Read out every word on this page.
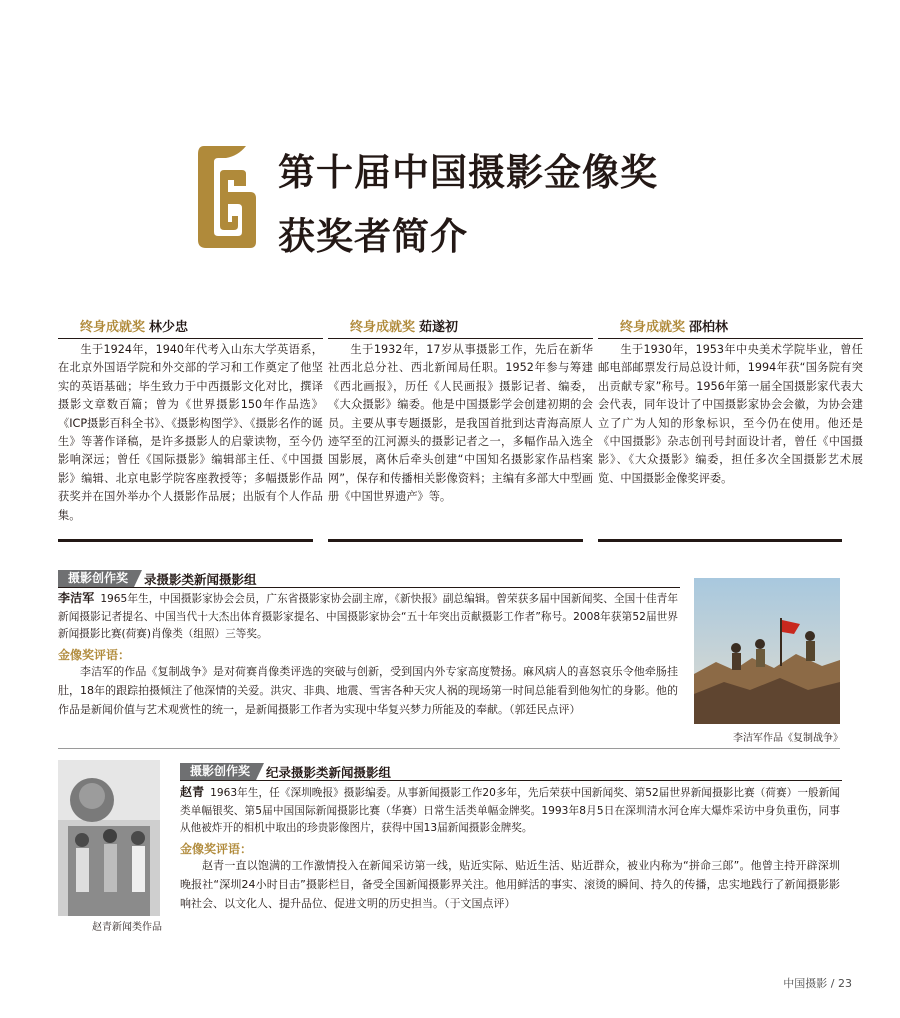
第十届中国摄影金像奖
获奖者简介
终身成就奖 林少忠
生于1924年，1940年代考入山东大学英语系，在北京外国语学院和外交部的学习和工作奠定了他坚实的英语基础；毕生致力于中西摄影文化对比，撰译摄影文章数百篇；曾为《世界摄影150年作品选》《ICP摄影百科全书》、《摄影构图学》、《摄影名作的诞生》等著作译稿，是许多摄影人的启蒙读物，至今仍影响深远；曾任《国际摄影》编辑部主任、《中国摄影》编辑、北京电影学院客座教授等；多幅摄影作品获奖并在国外举办个人摄影作品展；出版有个人作品集。
终身成就奖 茹遂初
生于1932年，17岁从事摄影工作，先后在新华社西北总分社、西北新闻局任职。1952年参与筹建《西北画报》，历任《人民画报》摄影记者、编委，《大众摄影》编委。他是中国摄影学会创建初期的会员。主要从事专题摄影，是我国首批到达青海高原人迹罕至的江河源头的摄影记者之一，多幅作品入选全国影展，离休后牵头创建“中国知名摄影家作品档案网”，保存和传播相关影像资料；主编有多部大中型画册《中国世界遗产》等。
终身成就奖 邵柏林
生于1930年，1953年中央美术学院毕业，曾任邮电部邮票发行局总设计师，1994年获“国务院有突出贡献专家”称号。1956年第一届全国摄影家代表大会代表，同年设计了中国摄影家协会会徽，为协会建立了广为人知的形象标识，至今仍在使用。他还是《中国摄影》杂志创刊号封面设计者，曾任《中国摄影》、《大众摄影》编委，担任多次全国摄影艺术展览、中国摄影金像奖评委。
摄影创作奖	录摄影类新闻摄影组
李洁军 1965年生，中国摄影家协会会员，广东省摄影家协会副主席，《新快报》副总编辑。曾荣获多届中国新闻奖、全国十佳青年新闻摄影记者提名、中国当代十大杰出体育摄影家提名、中国摄影家协会“五十年突出贡献摄影工作者”称号。2008年获第52届世界新闻摄影比赛(荷赛)肖像类（组照）三等奖。
金像奖评语：
李洁军的作品《复制战争》是对荷赛肖像类评选的突破与创新，受到国内外专家高度赞扬。麻风病人的喜怒哀乐令他牵肠挂肚，18年的跟踪拍摄倾注了他深情的关爱。洪灾、非典、地震、雪害各种天灾人祸的现场第一时间总能看到他匆忙的身影。他的作品是新闻价值与艺术观赏性的统一，是新闻摄影工作者为实现中华复兴梦力所能及的奉献。（郭廷民点评）
李洁军作品《复制战争》
赵青新闻类作品
摄影创作奖	纪录摄影类新闻摄影组
赵青 1963年生，任《深圳晚报》摄影编委。从事新闻摄影工作20多年，先后荣获中国新闻奖、第52届世界新闻摄影比赛（荷赛）一般新闻类单幅银奖、第5届中国国际新闻摄影比赛（华赛）日常生活类单幅金牌奖。1993年8月5日在深圳清水河仓库大爆炸采访中身负重伤，同事从他被炸开的相机中取出的珍贵影像图片，获得中国13届新闻摄影金牌奖。
金像奖评语：
赵青一直以饱满的工作激情投入在新闻采访第一线，贴近实际、贴近生活、贴近群众，被业内称为“拼命三郎”。他曾主持开辟深圳晚报社“深圳24小时目击”摄影栏目，备受全国新闻摄影界关注。他用鲜活的事实、滚烫的瞬间、持久的传播，忠实地践行了新闻摄影影响社会、以文化人、提升品位、促进文明的历史担当。（于文国点评）
中国摄影 / 23
